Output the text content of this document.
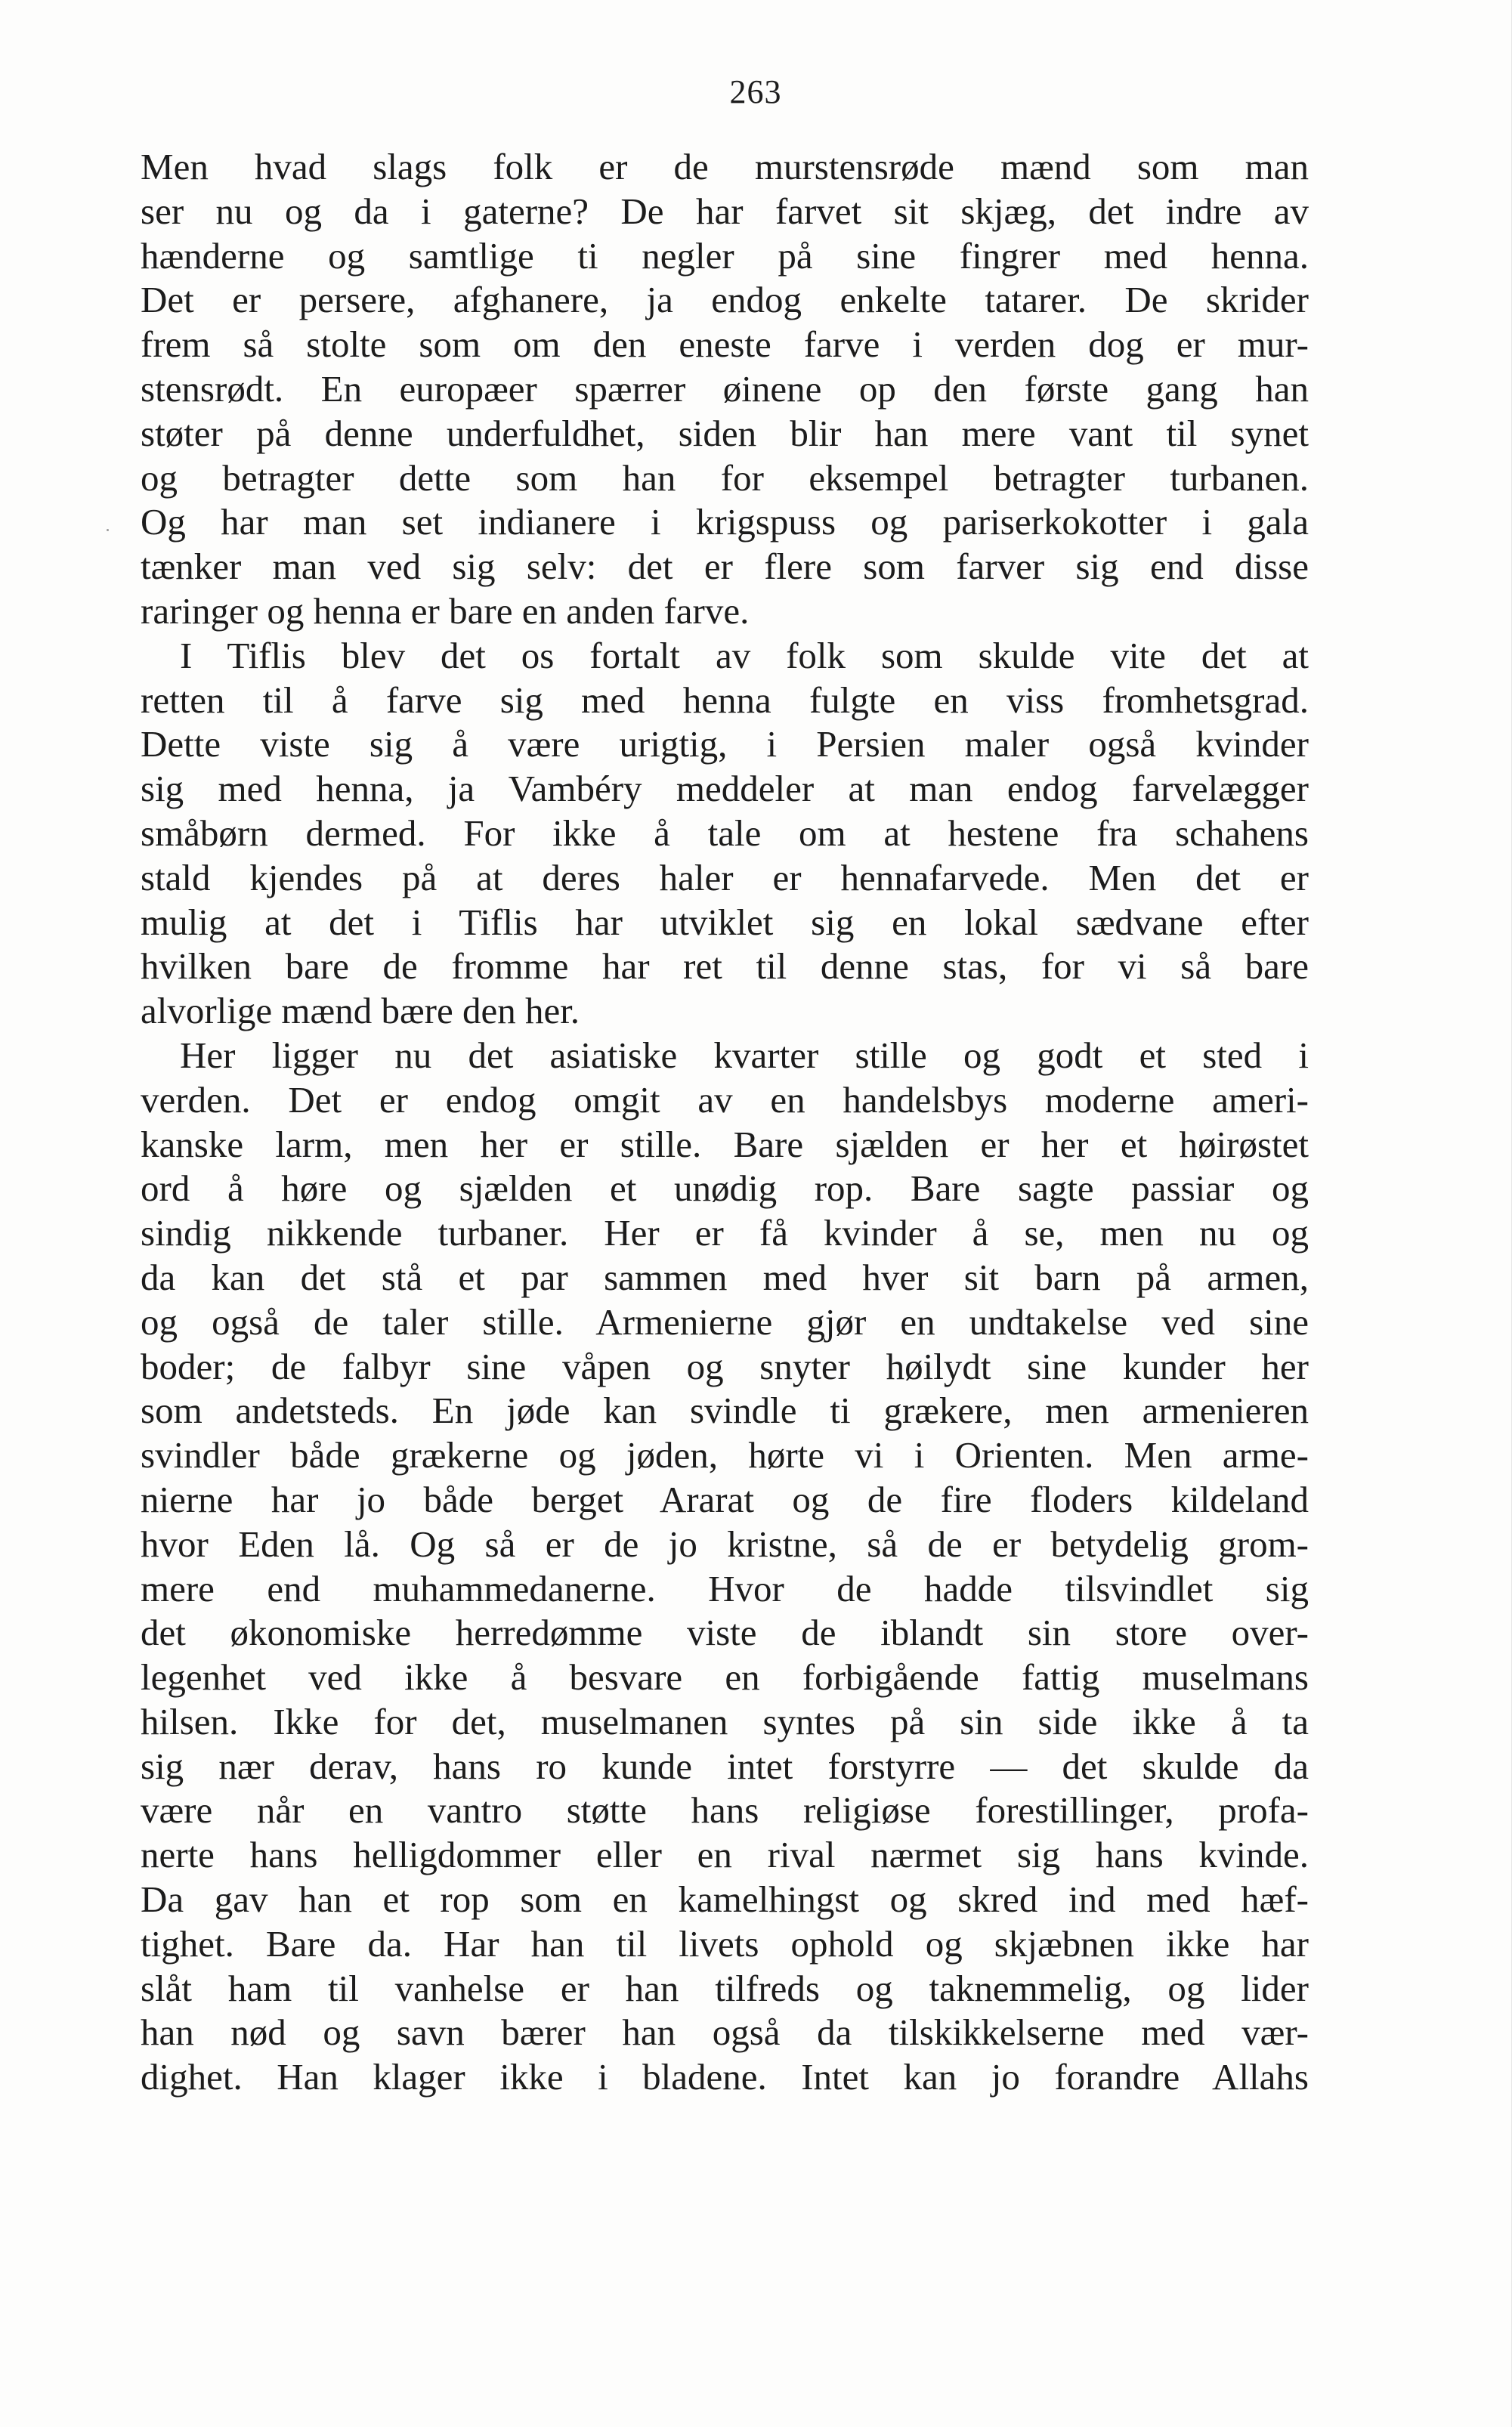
263
Men hvad slags folk er de murstensrøde mænd som man
ser nu og da i gaterne? De har farvet sit skjæg, det indre av
hænderne og samtlige ti negler på sine fingrer med henna.
Det er persere, afghanere, ja endog enkelte tatarer. De skrider
frem så stolte som om den eneste farve i verden dog er mur-
stensrødt. En europæer spærrer øinene op den første gang han
støter på denne underfuldhet, siden blir han mere vant til synet
og betragter dette som han for eksempel betragter turbanen.
Og har man set indianere i krigspuss og pariserkokotter i gala
tænker man ved sig selv: det er flere som farver sig end disse
raringer og henna er bare en anden farve.
I Tiflis blev det os fortalt av folk som skulde vite det at
retten til å farve sig med henna fulgte en viss fromhetsgrad.
Dette viste sig å være urigtig, i Persien maler også kvinder
sig med henna, ja Vambéry meddeler at man endog farvelægger
småbørn dermed. For ikke å tale om at hestene fra schahens
stald kjendes på at deres haler er hennafarvede. Men det er
mulig at det i Tiflis har utviklet sig en lokal sædvane efter
hvilken bare de fromme har ret til denne stas, for vi så bare
alvorlige mænd bære den her.
Her ligger nu det asiatiske kvarter stille og godt et sted i
verden. Det er endog omgit av en handelsbys moderne ameri-
kanske larm, men her er stille. Bare sjælden er her et høirøstet
ord å høre og sjælden et unødig rop. Bare sagte passiar og
sindig nikkende turbaner. Her er få kvinder å se, men nu og
da kan det stå et par sammen med hver sit barn på armen,
og også de taler stille. Armenierne gjør en undtakelse ved sine
boder; de falbyr sine våpen og snyter høilydt sine kunder her
som andetsteds. En jøde kan svindle ti grækere, men armenieren
svindler både grækerne og jøden, hørte vi i Orienten. Men arme-
nierne har jo både berget Ararat og de fire floders kildeland
hvor Eden lå. Og så er de jo kristne, så de er betydelig grom-
mere end muhammedanerne. Hvor de hadde tilsvindlet sig
det økonomiske herredømme viste de iblandt sin store over-
legenhet ved ikke å besvare en forbigående fattig muselmans
hilsen. Ikke for det, muselmanen syntes på sin side ikke å ta
sig nær derav, hans ro kunde intet forstyrre — det skulde da
være når en vantro støtte hans religiøse forestillinger, profa-
nerte hans helligdommer eller en rival nærmet sig hans kvinde.
Da gav han et rop som en kamelhingst og skred ind med hæf-
tighet. Bare da. Har han til livets ophold og skjæbnen ikke har
slåt ham til vanhelse er han tilfreds og taknemmelig, og lider
han nød og savn bærer han også da tilskikkelserne med vær-
dighet. Han klager ikke i bladene. Intet kan jo forandre Allahs
